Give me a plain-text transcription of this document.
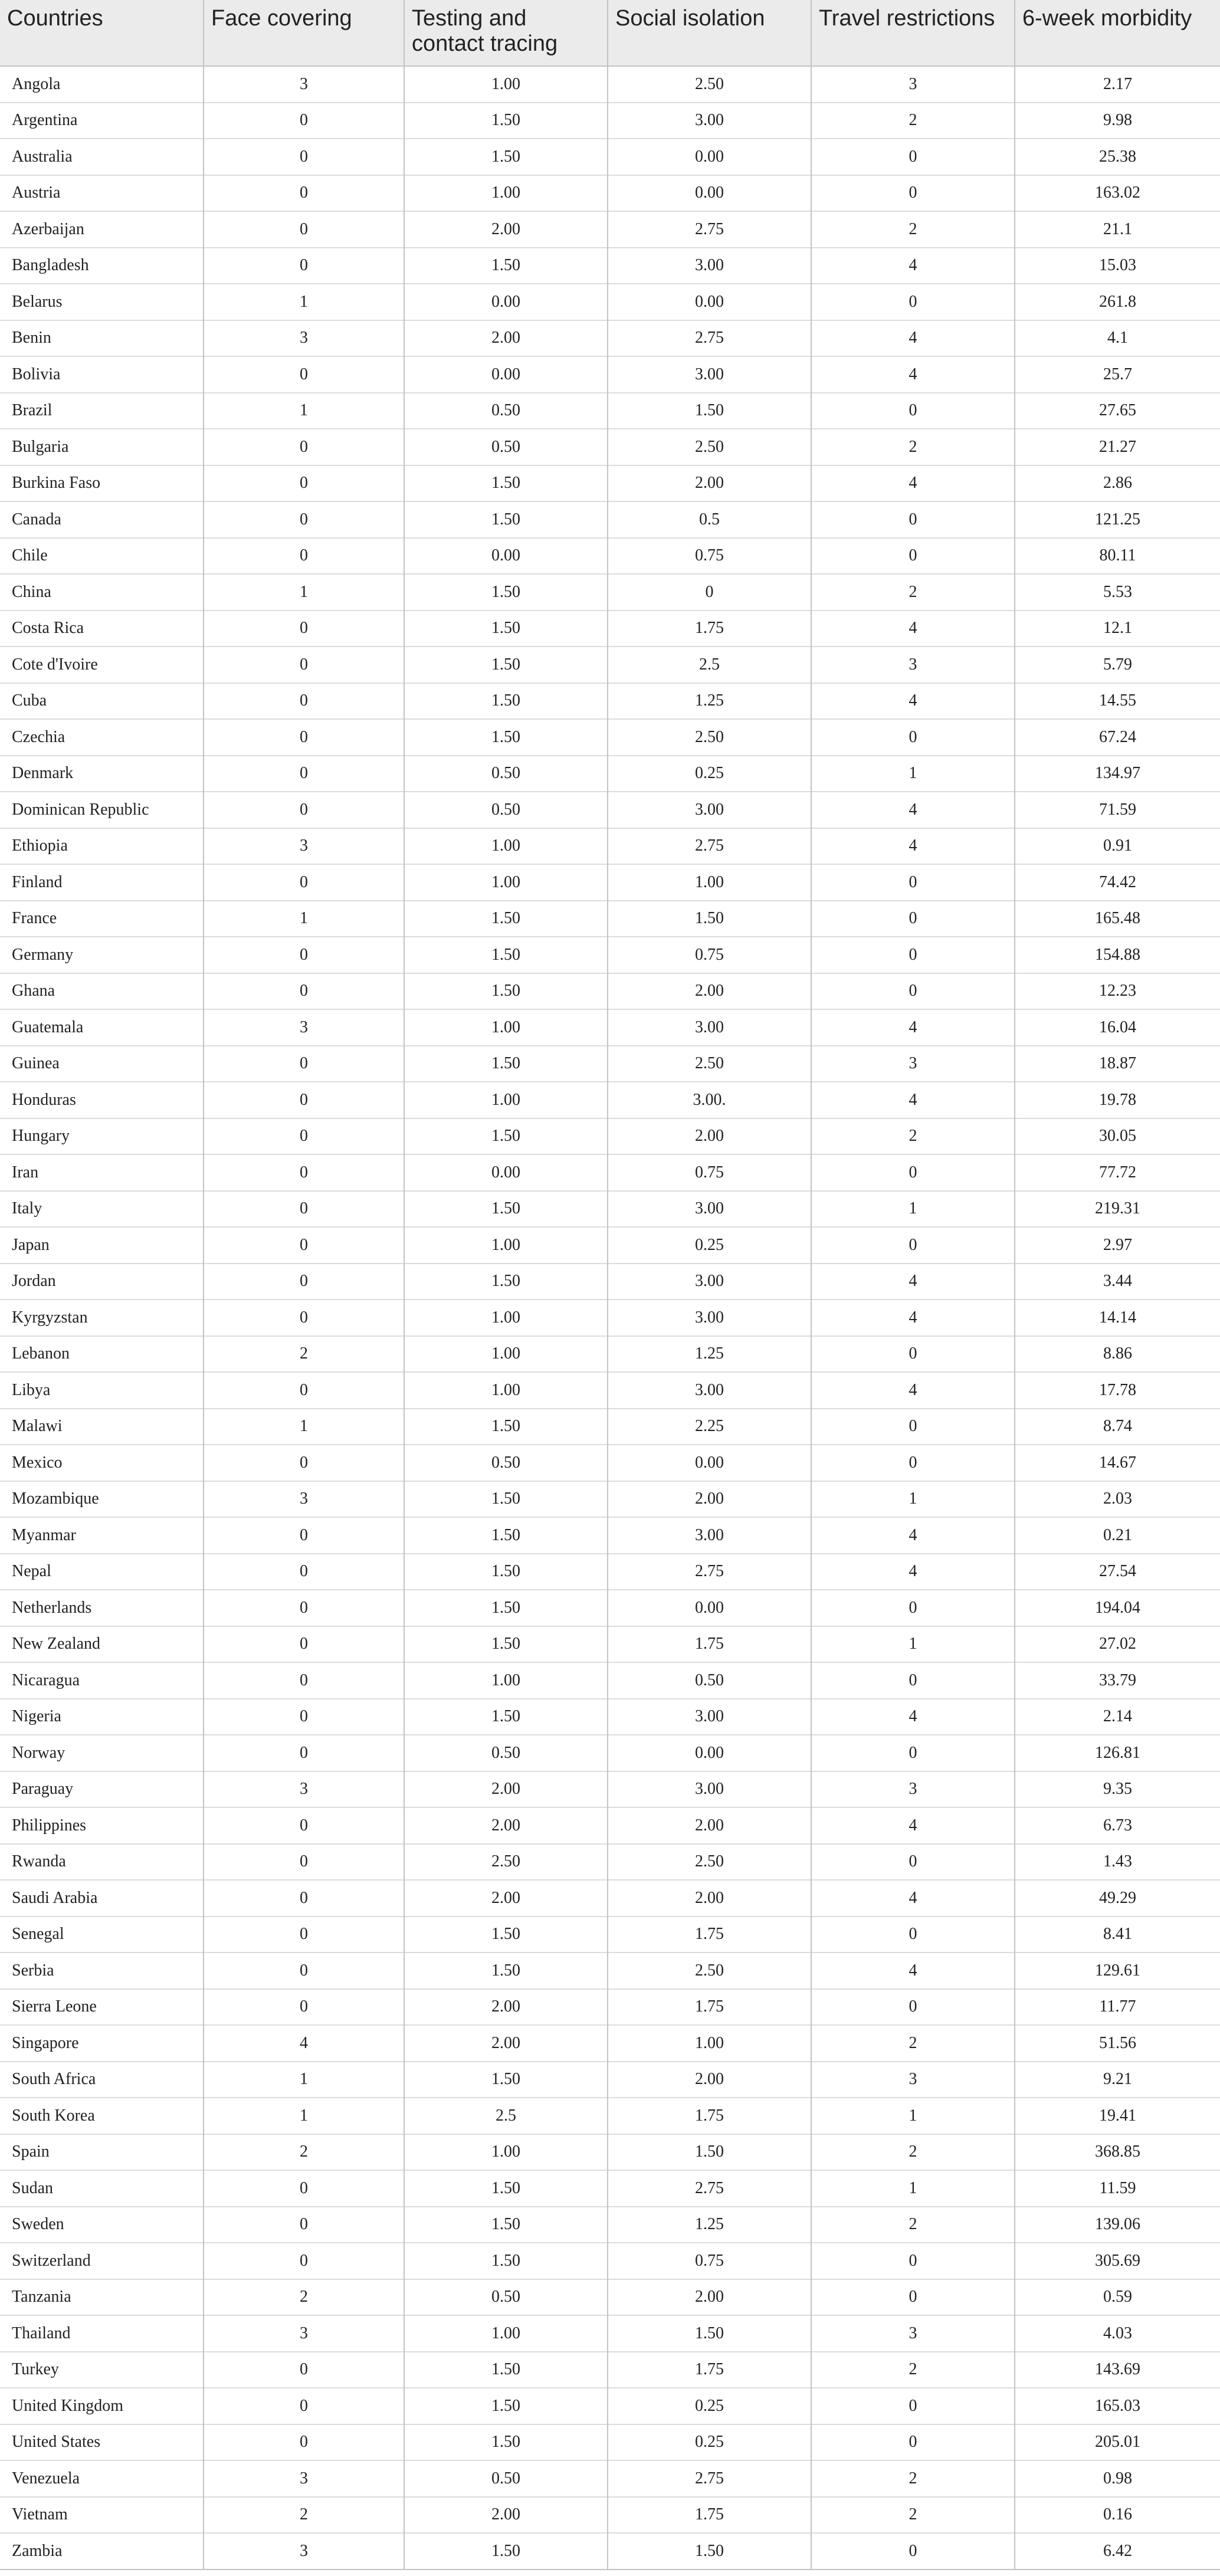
Countries	Face covering	Testing and contact tracing	Social isolation	Travel restrictions	6-week morbidity
Angola	3	1.00	2.50	3	2.17
Argentina	0	1.50	3.00	2	9.98
Australia	0	1.50	0.00	0	25.38
Austria	0	1.00	0.00	0	163.02
Azerbaijan	0	2.00	2.75	2	21.1
Bangladesh	0	1.50	3.00	4	15.03
Belarus	1	0.00	0.00	0	261.8
Benin	3	2.00	2.75	4	4.1
Bolivia	0	0.00	3.00	4	25.7
Brazil	1	0.50	1.50	0	27.65
Bulgaria	0	0.50	2.50	2	21.27
Burkina Faso	0	1.50	2.00	4	2.86
Canada	0	1.50	0.5	0	121.25
Chile	0	0.00	0.75	0	80.11
China	1	1.50	0	2	5.53
Costa Rica	0	1.50	1.75	4	12.1
Cote d'Ivoire	0	1.50	2.5	3	5.79
Cuba	0	1.50	1.25	4	14.55
Czechia	0	1.50	2.50	0	67.24
Denmark	0	0.50	0.25	1	134.97
Dominican Republic	0	0.50	3.00	4	71.59
Ethiopia	3	1.00	2.75	4	0.91
Finland	0	1.00	1.00	0	74.42
France	1	1.50	1.50	0	165.48
Germany	0	1.50	0.75	0	154.88
Ghana	0	1.50	2.00	0	12.23
Guatemala	3	1.00	3.00	4	16.04
Guinea	0	1.50	2.50	3	18.87
Honduras	0	1.00	3.00.	4	19.78
Hungary	0	1.50	2.00	2	30.05
Iran	0	0.00	0.75	0	77.72
Italy	0	1.50	3.00	1	219.31
Japan	0	1.00	0.25	0	2.97
Jordan	0	1.50	3.00	4	3.44
Kyrgyzstan	0	1.00	3.00	4	14.14
Lebanon	2	1.00	1.25	0	8.86
Libya	0	1.00	3.00	4	17.78
Malawi	1	1.50	2.25	0	8.74
Mexico	0	0.50	0.00	0	14.67
Mozambique	3	1.50	2.00	1	2.03
Myanmar	0	1.50	3.00	4	0.21
Nepal	0	1.50	2.75	4	27.54
Netherlands	0	1.50	0.00	0	194.04
New Zealand	0	1.50	1.75	1	27.02
Nicaragua	0	1.00	0.50	0	33.79
Nigeria	0	1.50	3.00	4	2.14
Norway	0	0.50	0.00	0	126.81
Paraguay	3	2.00	3.00	3	9.35
Philippines	0	2.00	2.00	4	6.73
Rwanda	0	2.50	2.50	0	1.43
Saudi Arabia	0	2.00	2.00	4	49.29
Senegal	0	1.50	1.75	0	8.41
Serbia	0	1.50	2.50	4	129.61
Sierra Leone	0	2.00	1.75	0	11.77
Singapore	4	2.00	1.00	2	51.56
South Africa	1	1.50	2.00	3	9.21
South Korea	1	2.5	1.75	1	19.41
Spain	2	1.00	1.50	2	368.85
Sudan	0	1.50	2.75	1	11.59
Sweden	0	1.50	1.25	2	139.06
Switzerland	0	1.50	0.75	0	305.69
Tanzania	2	0.50	2.00	0	0.59
Thailand	3	1.00	1.50	3	4.03
Turkey	0	1.50	1.75	2	143.69
United Kingdom	0	1.50	0.25	0	165.03
United States	0	1.50	0.25	0	205.01
Venezuela	3	0.50	2.75	2	0.98
Vietnam	2	2.00	1.75	2	0.16
Zambia	3	1.50	1.50	0	6.42
